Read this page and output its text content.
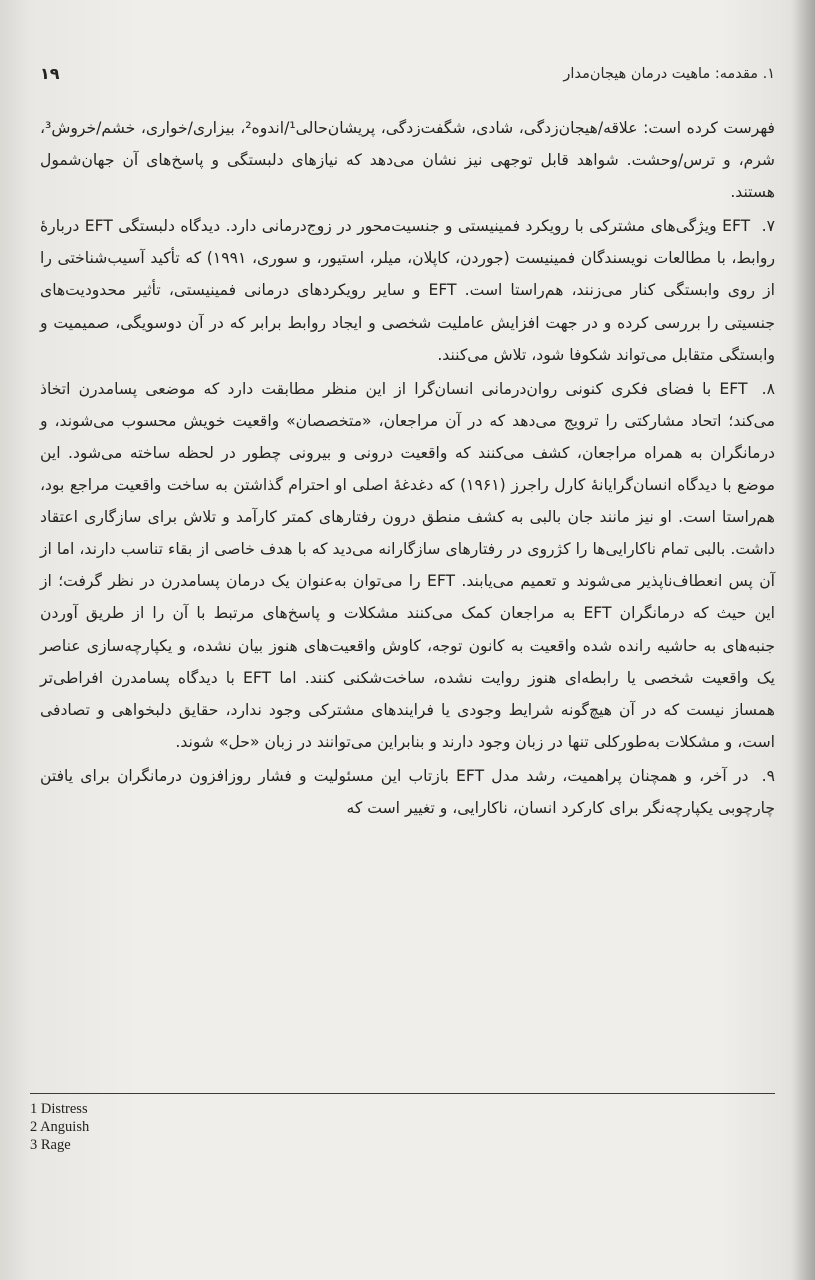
۱. مقدمه: ماهیت درمان هیجان‌مدار
۱۹

فهرست کرده است: علاقه/هیجان‌زدگی، شادی، شگفت‌زدگی، پریشان‌حالی¹/اندوه²، بیزاری/خواری، خشم/خروش³، شرم، و ترس/وحشت. شواهد قابل توجهی نیز نشان می‌دهد که نیازهای دلبستگی و پاسخ‌های آن جهان‌شمول هستند.

۷. EFT ویژگی‌های مشترکی با رویکرد فمینیستی و جنسیت‌محور در زوج‌درمانی دارد. دیدگاه دلبستگی EFT دربارهٔ روابط، با مطالعات نویسندگان فمینیست (جوردن، کاپلان، میلر، استیور، و سوری، ۱۹۹۱) که تأکید آسیب‌شناختی را از روی وابستگی کنار می‌زنند، هم‌راستا است. EFT و سایر رویکردهای درمانی فمینیستی، تأثیر محدودیت‌های جنسیتی را بررسی کرده و در جهت افزایش عاملیت شخصی و ایجاد روابط برابر که در آن دوسویگی، صمیمیت و وابستگی متقابل می‌تواند شکوفا شود، تلاش می‌کنند.

۸. EFT با فضای فکری کنونی روان‌درمانی انسان‌گرا از این منظر مطابقت دارد که موضعی پسامدرن اتخاذ می‌کند؛ اتحاد مشارکتی را ترویج می‌دهد که در آن مراجعان، «متخصصان» واقعیت خویش محسوب می‌شوند، و درمانگران به همراه مراجعان، کشف می‌کنند که واقعیت درونی و بیرونی چطور در لحظه ساخته می‌شود. این موضع با دیدگاه انسان‌گرایانهٔ کارل راجرز (۱۹۶۱) که دغدغهٔ اصلی او احترام گذاشتن به ساخت واقعیت مراجع بود، هم‌راستا است. او نیز مانند جان بالبی به کشف منطق درون رفتارهای کمتر کارآمد و تلاش برای سازگاری اعتقاد داشت. بالبی تمام ناکارایی‌ها را کژروی در رفتارهای سازگارانه می‌دید که با هدف خاصی از بقاء تناسب دارند، اما از آن پس انعطاف‌ناپذیر می‌شوند و تعمیم می‌یابند. EFT را می‌توان به‌عنوان یک درمان پسامدرن در نظر گرفت؛ از این حیث که درمانگران EFT به مراجعان کمک می‌کنند مشکلات و پاسخ‌های مرتبط با آن را از طریق آوردن جنبه‌های به حاشیه رانده شده واقعیت به کانون توجه، کاوش واقعیت‌های هنوز بیان نشده، و یکپارچه‌سازی عناصر یک واقعیت شخصی یا رابطه‌ای هنوز روایت نشده، ساخت‌شکنی کنند. اما EFT با دیدگاه پسامدرن افراطی‌تر همساز نیست که در آن هیچ‌گونه شرایط وجودی یا فرایندهای مشترکی وجود ندارد، حقایق دلبخواهی و تصادفی است، و مشکلات به‌طورکلی تنها در زبان وجود دارند و بنابراین می‌توانند در زبان «حل» شوند.

۹. در آخر، و همچنان پراهمیت، رشد مدل EFT بازتاب این مسئولیت و فشار روزافزون درمانگران برای یافتن چارچوبی یکپارچه‌نگر برای کارکرد انسان، ناکارایی، و تغییر است که

1 Distress

2 Anguish

3 Rage
